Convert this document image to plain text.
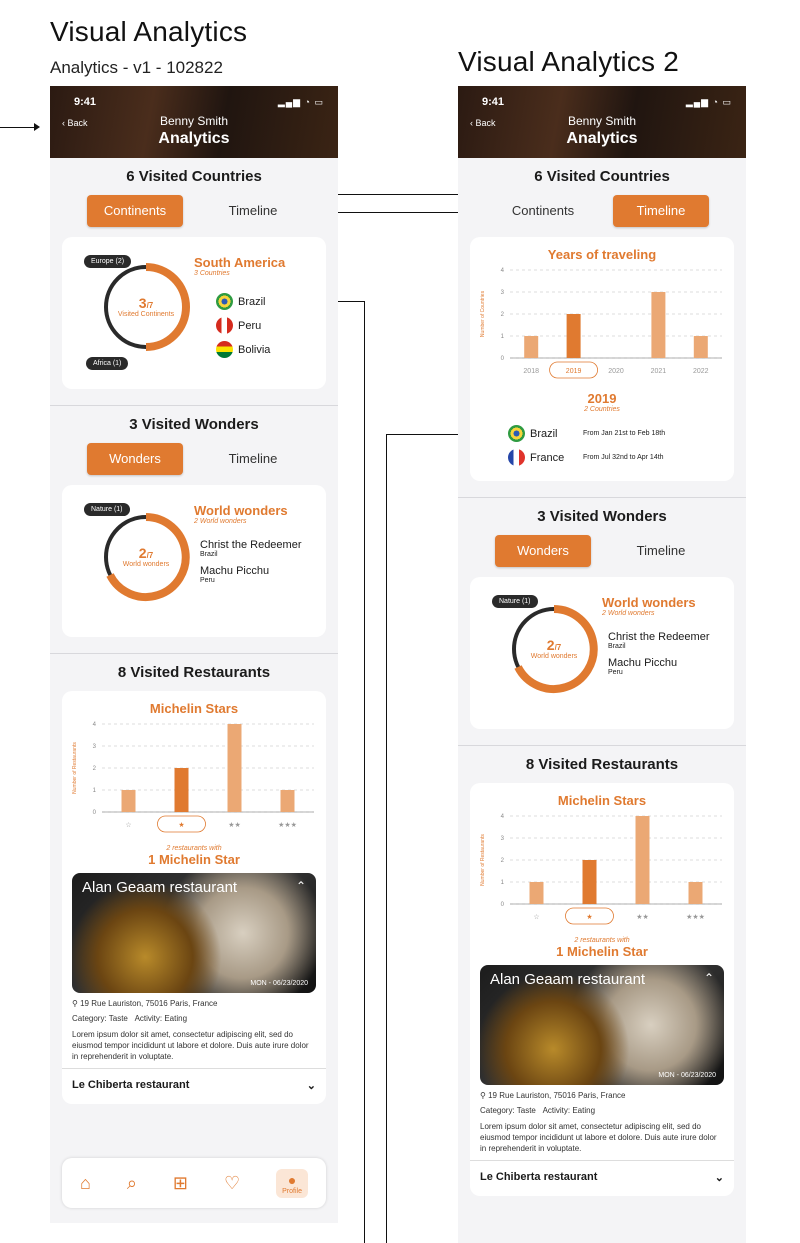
Visual Analytics
Analytics - v1 - 102822	Visual Analytics 2
9:41	▂▄▆ ◔ ▭
‹ Back	Benny Smith
Analytics
6 Visited Countries
Continents	Timeline
3/7
Visited Continents
Europe (2)
Africa (1)
South America
3 Countries
Brazil
Peru
Bolivia
3 Visited Wonders
Wonders	Timeline
2/7
World wonders
Nature (1)	World wonders
2 World wonders
Christ the Redeemer
Brazil
Machu Picchu
Peru
8 Visited Restaurants
Michelin Stars
Number of Restaurants
0
1
2
3
4
☆	★	★★	★★★
2 restaurants with
1 Michelin Star
Alan Geaam restaurant	⌃
MON - 06/23/2020
⚲ 19 Rue Lauriston, 75016 Paris, France
Category: Taste Activity: Eating
Lorem ipsum dolor sit amet, consectetur adipiscing elit, sed do eiusmod tempor incididunt ut labore et dolore. Duis aute irure dolor in reprehenderit in voluptate.
Le Chiberta restaurant	⌄
⌂ ⌕ ⊞ ♡	●
Profile
9:41	▂▄▆ ◔ ▭
‹ Back	Benny Smith
Analytics
6 Visited Countries
Continents	Timeline
Years of traveling
Number of Countries
0
1
2
3
4
2018	2019	2020	2021	2022
2019
2 Countries
Brazil	From Jan 21st to Feb 18th
France	From Jul 32nd to Apr 14th
3 Visited Wonders
Wonders	Timeline
2/7
World wonders
Nature (1)	World wonders
2 World wonders
Christ the Redeemer
Brazil
Machu Picchu
Peru
8 Visited Restaurants
Michelin Stars
Number of Restaurants
0
1
2
3
4
☆	★	★★	★★★
2 restaurants with
1 Michelin Star
Alan Geaam restaurant	⌃
MON - 06/23/2020
⚲ 19 Rue Lauriston, 75016 Paris, France
Category: Taste Activity: Eating
Lorem ipsum dolor sit amet, consectetur adipiscing elit, sed do eiusmod tempor incididunt ut labore et dolore. Duis aute irure dolor in reprehenderit in voluptate.
Le Chiberta restaurant	⌄
